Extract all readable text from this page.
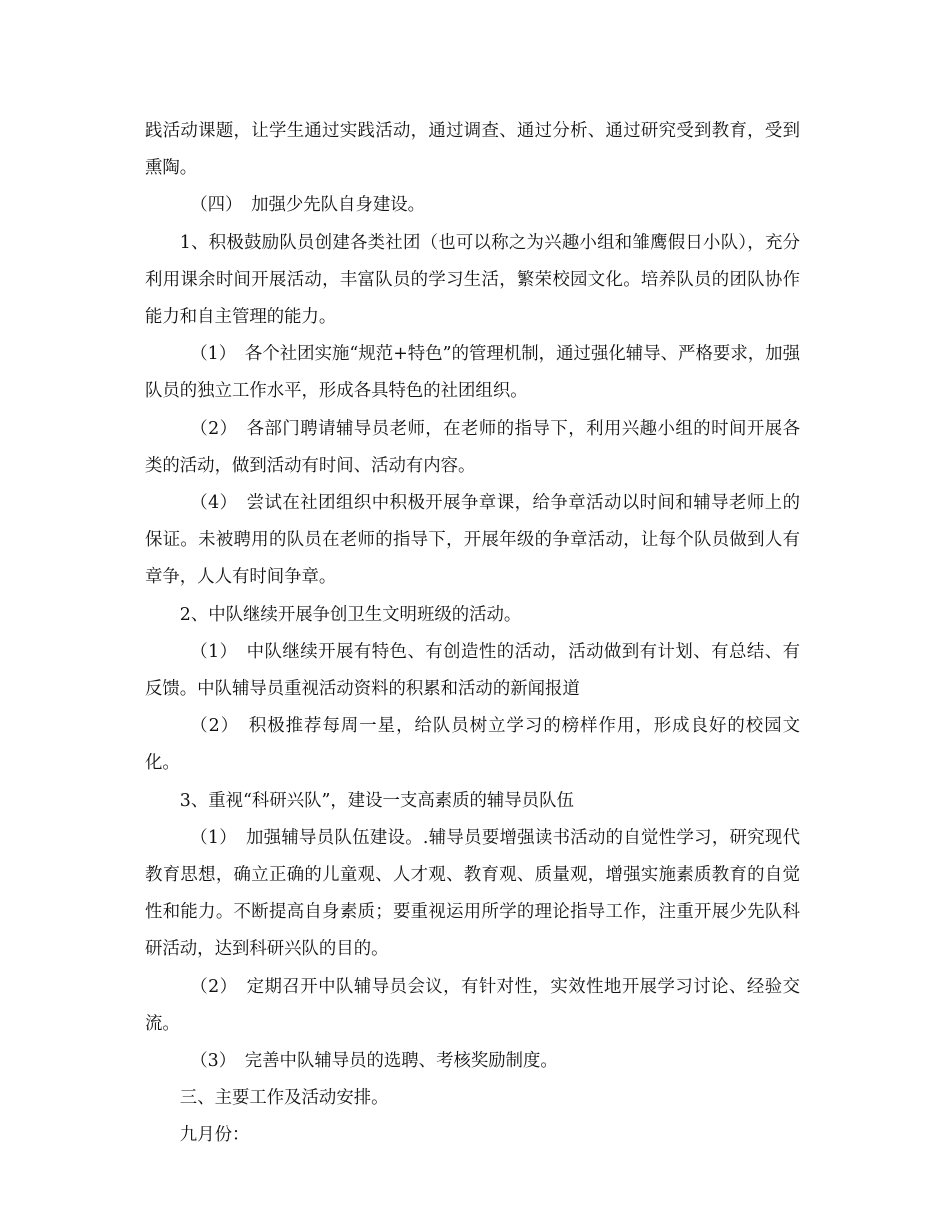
践活动课题，让学生通过实践活动，通过调查、通过分析、通过研究受到教育，受到熏陶。

（四）　加强少先队自身建设。

1、积极鼓励队员创建各类社团（也可以称之为兴趣小组和雏鹰假日小队），充分利用课余时间开展活动，丰富队员的学习生活，繁荣校园文化。培养队员的团队协作能力和自主管理的能力。

（1）　各个社团实施“规范+特色”的管理机制，通过强化辅导、严格要求，加强队员的独立工作水平，形成各具特色的社团组织。

（2）　各部门聘请辅导员老师，在老师的指导下，利用兴趣小组的时间开展各类的活动，做到活动有时间、活动有内容。

（4）　尝试在社团组织中积极开展争章课，给争章活动以时间和辅导老师上的保证。未被聘用的队员在老师的指导下，开展年级的争章活动，让每个队员做到人有章争，人人有时间争章。

2、中队继续开展争创卫生文明班级的活动。

（1）　中队继续开展有特色、有创造性的活动，活动做到有计划、有总结、有反馈。中队辅导员重视活动资料的积累和活动的新闻报道

（2）　积极推荐每周一星，给队员树立学习的榜样作用，形成良好的校园文化。

3、重视“科研兴队”，建设一支高素质的辅导员队伍

（1）　加强辅导员队伍建设。.辅导员要增强读书活动的自觉性学习，研究现代教育思想，确立正确的儿童观、人才观、教育观、质量观，增强实施素质教育的自觉性和能力。不断提高自身素质；要重视运用所学的理论指导工作，注重开展少先队科研活动，达到科研兴队的目的。

（2）　定期召开中队辅导员会议，有针对性，实效性地开展学习讨论、经验交流。

（3）　完善中队辅导员的选聘、考核奖励制度。

三、主要工作及活动安排。

九月份：
